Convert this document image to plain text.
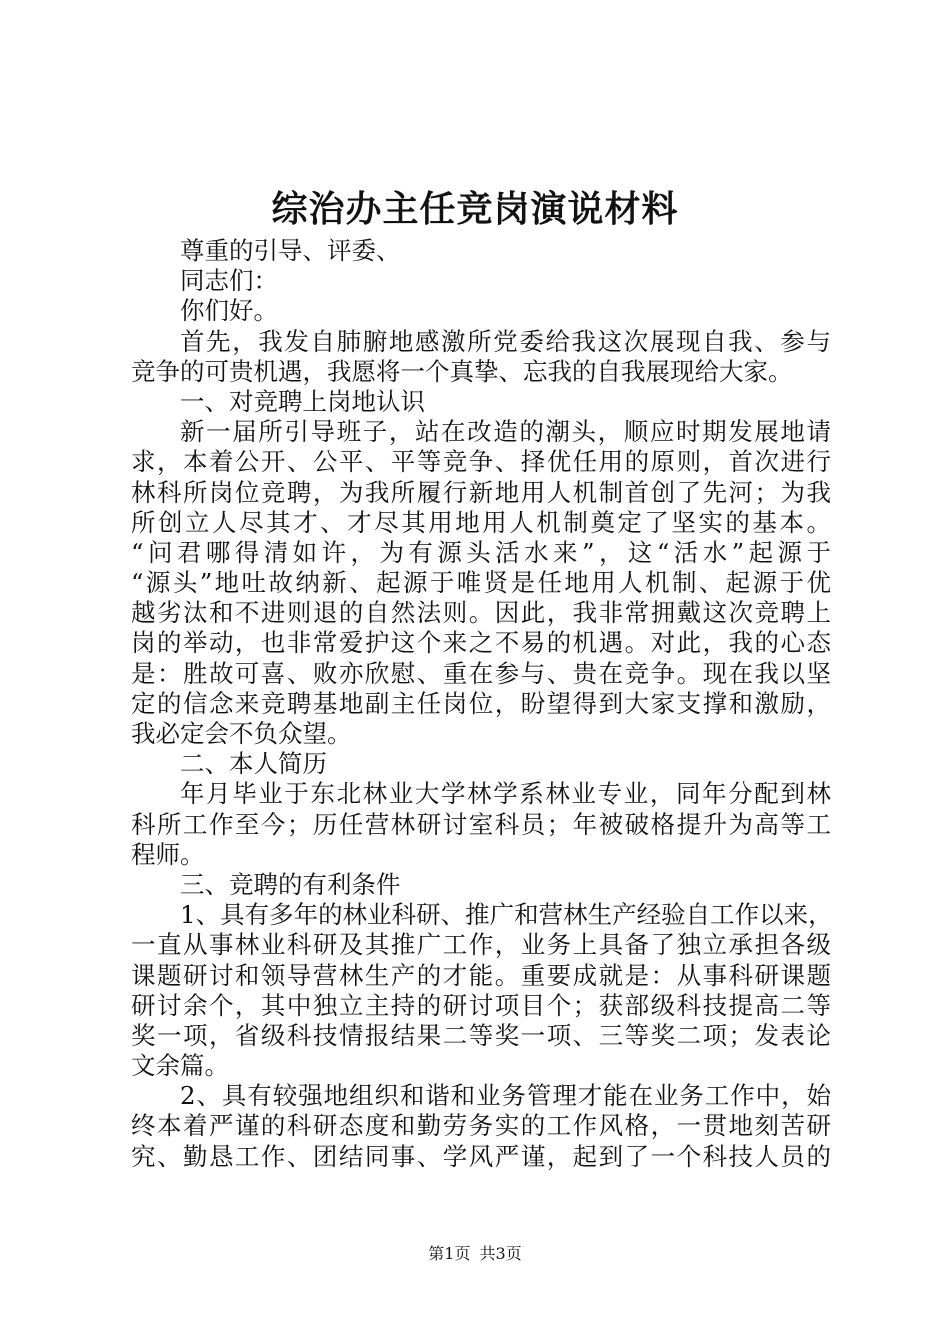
综治办主任竞岗演说材料
尊重的引导、评委、
同志们：
你们好。
首先，我发自肺腑地感激所党委给我这次展现自我、参与
竞争的可贵机遇，我愿将一个真挚、忘我的自我展现给大家。
一、对竞聘上岗地认识
新一届所引导班子，站在改造的潮头，顺应时期发展地请
求，本着公开、公平、平等竞争、择优任用的原则，首次进行
林科所岗位竞聘，为我所履行新地用人机制首创了先河；为我
所创立人尽其才、才尽其用地用人机制奠定了坚实的基本。
“问君哪得清如许，为有源头活水来”，这“活水”起源于
“源头”地吐故纳新、起源于唯贤是任地用人机制、起源于优
越劣汰和不进则退的自然法则。因此，我非常拥戴这次竞聘上
岗的举动，也非常爱护这个来之不易的机遇。对此，我的心态
是：胜故可喜、败亦欣慰、重在参与、贵在竞争。现在我以坚
定的信念来竞聘基地副主任岗位，盼望得到大家支撑和激励，
我必定会不负众望。
二、本人简历
年月毕业于东北林业大学林学系林业专业，同年分配到林
科所工作至今；历任营林研讨室科员；年被破格提升为高等工
程师。
三、竞聘的有利条件
1、具有多年的林业科研、推广和营林生产经验自工作以来，
一直从事林业科研及其推广工作，业务上具备了独立承担各级
课题研讨和领导营林生产的才能。重要成就是：从事科研课题
研讨余个，其中独立主持的研讨项目个；获部级科技提高二等
奖一项，省级科技情报结果二等奖一项、三等奖二项；发表论
文余篇。
2、具有较强地组织和谐和业务管理才能在业务工作中，始
终本着严谨的科研态度和勤劳务实的工作风格，一贯地刻苦研
究、勤恳工作、团结同事、学风严谨，起到了一个科技人员的
第1页 共3页
